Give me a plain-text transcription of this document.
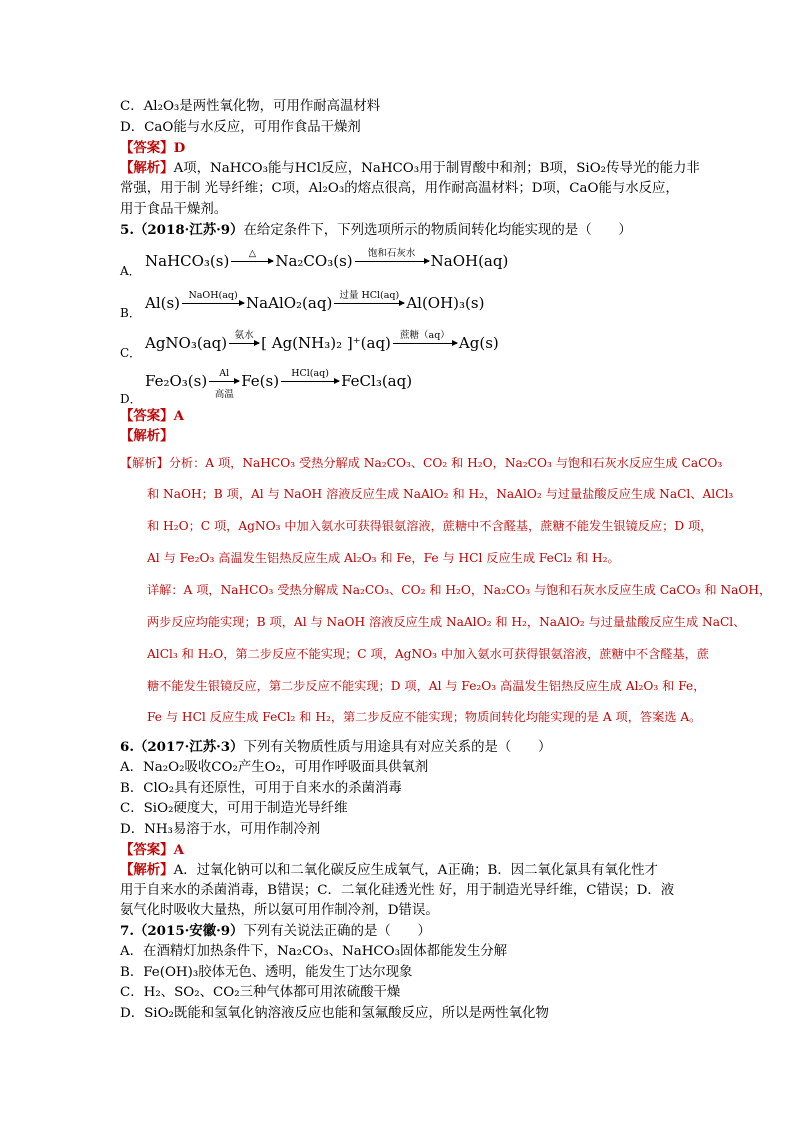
C．Al₂O₃是两性氧化物，可用作耐高温材料
D．CaO能与水反应，可用作食品干燥剂
【答案】D
【解析】A项，NaHCO₃能与HCl反应，NaHCO₃用于制胃酸中和剂；B项，SiO₂传导光的能力非
常强，用于制 光导纤维；C项，Al₂O₃的熔点很高，用作耐高温材料；D项，CaO能与水反应，
用于食品干燥剂。
5.（2018·江苏·9）在给定条件下，下列选项所示的物质间转化均能实现的是（　　）
A．
NaHCO₃(s)	△	Na₂CO₃(s)	饱和石灰水	NaOH(aq)
B．
Al(s) NaOH(aq) NaAlO₂(aq) 过量 HCl(aq) Al(OH)₃(s)
C．
AgNO₃(aq) 氨水 [ Ag(NH₃)₂ ]⁺(aq) 蔗糖（aq） Ag(s)
D．
Fe₂O₃(s)	Al
高温
Fe(s)	HCl(aq) FeCl₃(aq)
【答案】A
【解析】
【解析】分析：A 项，NaHCO₃ 受热分解成 Na₂CO₃、CO₂ 和 H₂O，Na₂CO₃ 与饱和石灰水反应生成 CaCO₃
和 NaOH；B 项，Al 与 NaOH 溶液反应生成 NaAlO₂ 和 H₂，NaAlO₂ 与过量盐酸反应生成 NaCl、AlCl₃
和 H₂O；C 项，AgNO₃ 中加入氨水可获得银氨溶液，蔗糖中不含醛基，蔗糖不能发生银镜反应；D 项，
Al 与 Fe₂O₃ 高温发生铝热反应生成 Al₂O₃ 和 Fe，Fe 与 HCl 反应生成 FeCl₂ 和 H₂。
详解：A 项，NaHCO₃ 受热分解成 Na₂CO₃、CO₂ 和 H₂O，Na₂CO₃ 与饱和石灰水反应生成 CaCO₃ 和 NaOH，
两步反应均能实现；B 项，Al 与 NaOH 溶液反应生成 NaAlO₂ 和 H₂，NaAlO₂ 与过量盐酸反应生成 NaCl、
AlCl₃ 和 H₂O，第二步反应不能实现；C 项，AgNO₃ 中加入氨水可获得银氨溶液，蔗糖中不含醛基，蔗
糖不能发生银镜反应，第二步反应不能实现；D 项，Al 与 Fe₂O₃ 高温发生铝热反应生成 Al₂O₃ 和 Fe，
Fe 与 HCl 反应生成 FeCl₂ 和 H₂，第二步反应不能实现；物质间转化均能实现的是 A 项，答案选 A。
6.（2017·江苏·3）下列有关物质性质与用途具有对应关系的是（　　）
A．Na₂O₂吸收CO₂产生O₂，可用作呼吸面具供氧剂
B．ClO₂具有还原性，可用于自来水的杀菌消毒
C．SiO₂硬度大，可用于制造光导纤维
D．NH₃易溶于水，可用作制冷剂
【答案】A
【解析】A．过氧化钠可以和二氧化碳反应生成氧气，A正确；B．因二氧化氯具有氧化性才
用于自来水的杀菌消毒，B错误；C．二氧化硅透光性 好，用于制造光导纤维，C错误；D．液
氨气化时吸收大量热，所以氨可用作制冷剂，D错误。
7.（2015·安徽·9）下列有关说法正确的是（　　）
A．在酒精灯加热条件下，Na₂CO₃、NaHCO₃固体都能发生分解
B．Fe(OH)₃胶体无色、透明，能发生丁达尔现象
C．H₂、SO₂、CO₂三种气体都可用浓硫酸干燥
D．SiO₂既能和氢氧化钠溶液反应也能和氢氟酸反应，所以是两性氧化物
